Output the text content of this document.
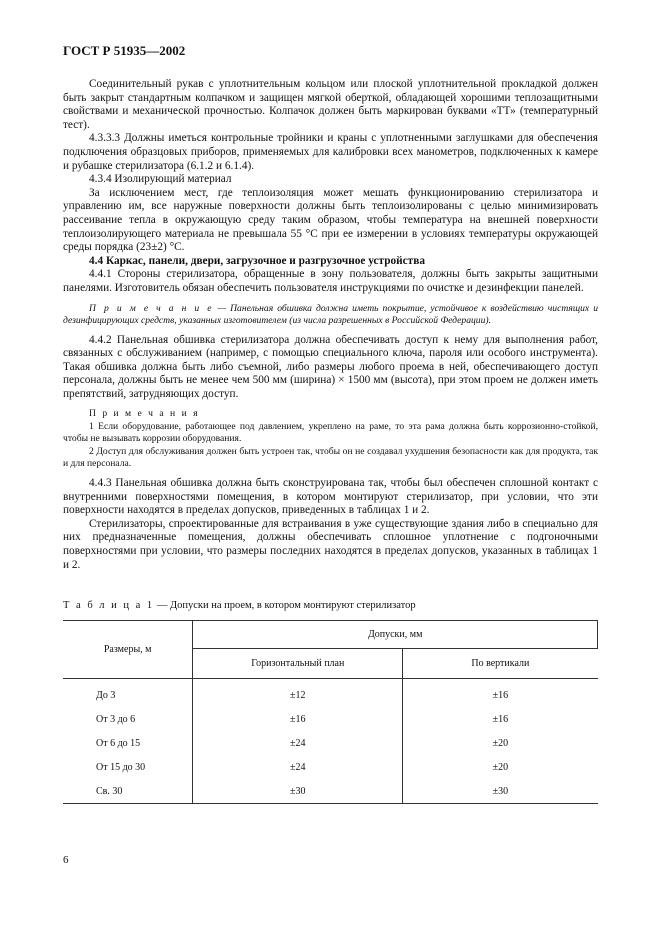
ГОСТ Р 51935—2002

Соединительный рукав с уплотнительным кольцом или плоской уплотнительной прокладкой должен быть закрыт стандартным колпачком и защищен мягкой оберткой, обладающей хорошими теплозащитными свойствами и механической прочностью. Колпачок должен быть маркирован буквами «ТТ» (температурный тест).

4.3.3.3 Должны иметься контрольные тройники и краны с уплотненными заглушками для обеспечения подключения образцовых приборов, применяемых для калибровки всех манометров, подключенных к камере и рубашке стерилизатора (6.1.2 и 6.1.4).

4.3.4 Изолирующий материал

За исключением мест, где теплоизоляция может мешать функционированию стерилизатора и управлению им, все наружные поверхности должны быть теплоизолированы с целью минимизировать рассеивание тепла в окружающую среду таким образом, чтобы температура на внешней поверхности теплоизолирующего материала не превышала 55 °С при ее измерении в условиях температуры окружающей среды порядка (23±2) °С.

4.4 Каркас, панели, двери, загрузочное и разгрузочное устройства

4.4.1 Стороны стерилизатора, обращенные в зону пользователя, должны быть закрыты защитными панелями. Изготовитель обязан обеспечить пользователя инструкциями по очистке и дезинфекции панелей.

П р и м е ч а н и е — Панельная обшивка должна иметь покрытие, устойчивое к воздействию чистящих и дезинфицирующих средств, указанных изготовителем (из числа разрешенных в Российской Федерации).

4.4.2 Панельная обшивка стерилизатора должна обеспечивать доступ к нему для выполнения работ, связанных с обслуживанием (например, с помощью специального ключа, пароля или особого инструмента). Такая обшивка должна быть либо съемной, либо размеры любого проема в ней, обеспечивающего доступ персонала, должны быть не менее чем 500 мм (ширина) × 1500 мм (высота), при этом проем не должен иметь препятствий, затрудняющих доступ.

П р и м е ч а н и я

1 Если оборудование, работающее под давлением, укреплено на раме, то эта рама должна быть коррозионно-стойкой, чтобы не вызывать коррозии оборудования.

2 Доступ для обслуживания должен быть устроен так, чтобы он не создавал ухудшения безопасности как для продукта, так и для персонала.

4.4.3 Панельная обшивка должна быть сконструирована так, чтобы был обеспечен сплошной контакт с внутренними поверхностями помещения, в котором монтируют стерилизатор, при условии, что эти поверхности находятся в пределах допусков, приведенных в таблицах 1 и 2.

Стерилизаторы, спроектированные для встраивания в уже существующие здания либо в специально для них предназначенные помещения, должны обеспечивать сплошное уплотнение с подгоночными поверхностями при условии, что размеры последних находятся в пределах допусков, указанных в таблицах 1 и 2.

Т а б л и ц а 1 — Допуски на проем, в котором монтируют стерилизатор
Размеры, м	Допуски, мм	
	Горизонтальный план	По вертикали
До 3	±12	±16
От 3 до 6	±16	±16
От 6 до 15	±24	±20
От 15 до 30	±24	±20
Св. 30	±30	±30
6
